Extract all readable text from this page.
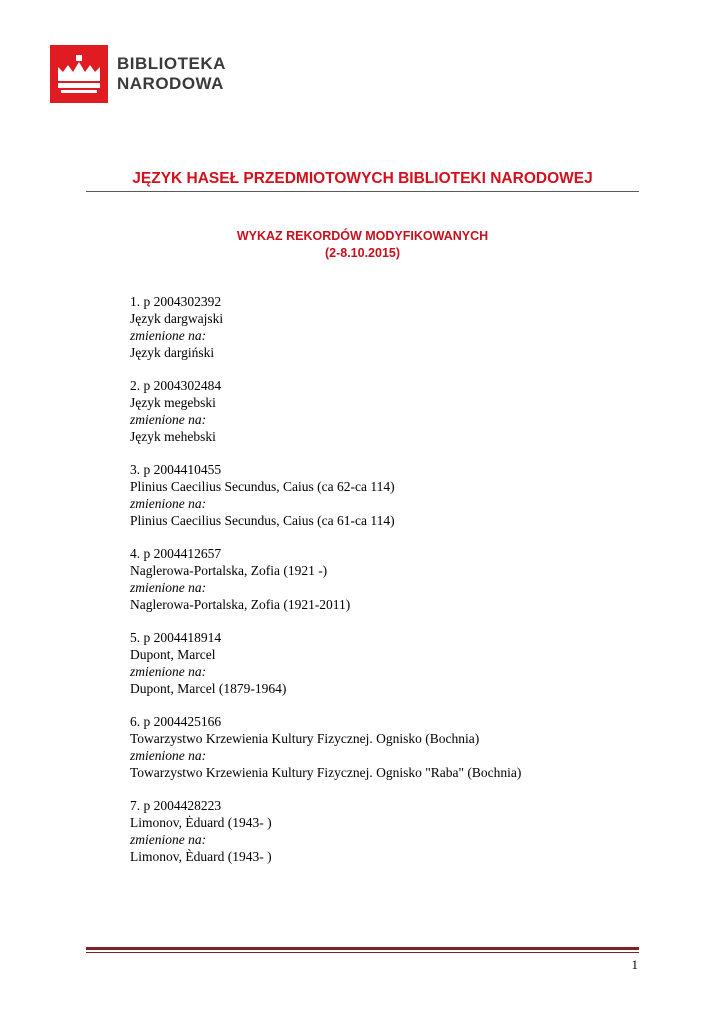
BIBLIOTEKA
NARODOWA
JĘZYK HASEŁ PRZEDMIOTOWYCH BIBLIOTEKI NARODOWEJ
WYKAZ REKORDÓW MODYFIKOWANYCH
(2-8.10.2015)
1. p 2004302392
Język dargwajski
zmienione na:
Język dargiński
2. p 2004302484
Język megebski
zmienione na:
Język mehebski
3. p 2004410455
Plinius Caecilius Secundus, Caius (ca 62-ca 114)
zmienione na:
Plinius Caecilius Secundus, Caius (ca 61-ca 114)
4. p 2004412657
Naglerowa-Portalska, Zofia (1921 -)
zmienione na:
Naglerowa-Portalska, Zofia (1921-2011)
5. p 2004418914
Dupont, Marcel
zmienione na:
Dupont, Marcel (1879-1964)
6. p 2004425166
Towarzystwo Krzewienia Kultury Fizycznej. Ognisko (Bochnia)
zmienione na:
Towarzystwo Krzewienia Kultury Fizycznej. Ognisko "Raba" (Bochnia)
7. p 2004428223
Limonov, Ėduard (1943- )
zmienione na:
Limonov, Èduard (1943- )
1
